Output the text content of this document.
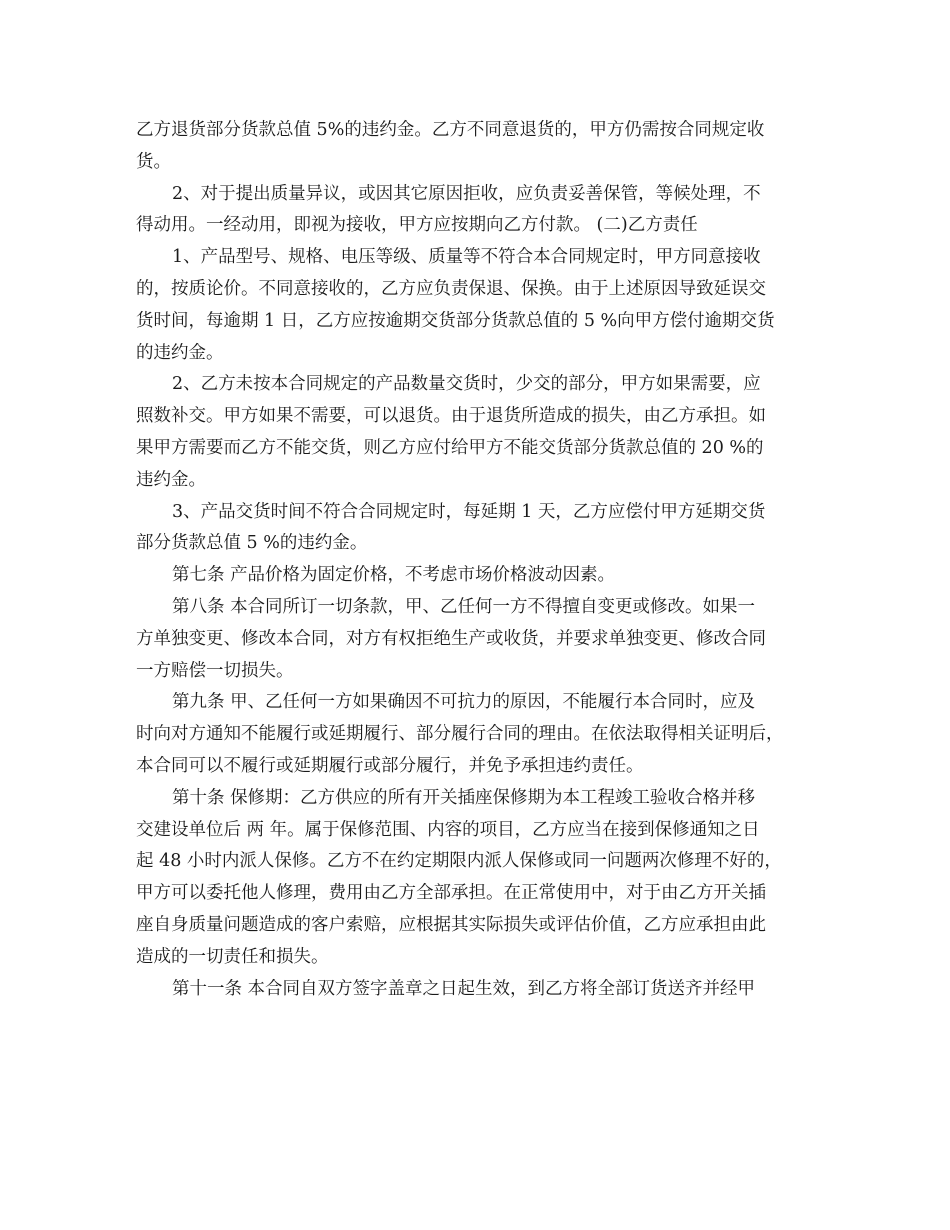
乙方退货部分货款总值 5%的违约金。乙方不同意退货的，甲方仍需按合同规定收
货。
2、对于提出质量异议，或因其它原因拒收，应负责妥善保管，等候处理，不
得动用。一经动用，即视为接收，甲方应按期向乙方付款。 (二)乙方责任
1、产品型号、规格、电压等级、质量等不符合本合同规定时，甲方同意接收
的，按质论价。不同意接收的，乙方应负责保退、保换。由于上述原因导致延误交
货时间，每逾期 1 日，乙方应按逾期交货部分货款总值的 5 %向甲方偿付逾期交货
的违约金。
2、乙方未按本合同规定的产品数量交货时，少交的部分，甲方如果需要，应
照数补交。甲方如果不需要，可以退货。由于退货所造成的损失，由乙方承担。如
果甲方需要而乙方不能交货，则乙方应付给甲方不能交货部分货款总值的 20 %的
违约金。
3、产品交货时间不符合合同规定时，每延期 1 天，乙方应偿付甲方延期交货
部分货款总值 5 %的违约金。
第七条 产品价格为固定价格，不考虑市场价格波动因素。
第八条 本合同所订一切条款，甲、乙任何一方不得擅自变更或修改。如果一
方单独变更、修改本合同，对方有权拒绝生产或收货，并要求单独变更、修改合同
一方赔偿一切损失。
第九条 甲、乙任何一方如果确因不可抗力的原因，不能履行本合同时，应及
时向对方通知不能履行或延期履行、部分履行合同的理由。在依法取得相关证明后，
本合同可以不履行或延期履行或部分履行，并免予承担违约责任。
第十条 保修期：乙方供应的所有开关插座保修期为本工程竣工验收合格并移
交建设单位后 两 年。属于保修范围、内容的项目，乙方应当在接到保修通知之日
起 48 小时内派人保修。乙方不在约定期限内派人保修或同一问题两次修理不好的，
甲方可以委托他人修理，费用由乙方全部承担。在正常使用中，对于由乙方开关插
座自身质量问题造成的客户索赔，应根据其实际损失或评估价值，乙方应承担由此
造成的一切责任和损失。
第十一条 本合同自双方签字盖章之日起生效，到乙方将全部订货送齐并经甲
